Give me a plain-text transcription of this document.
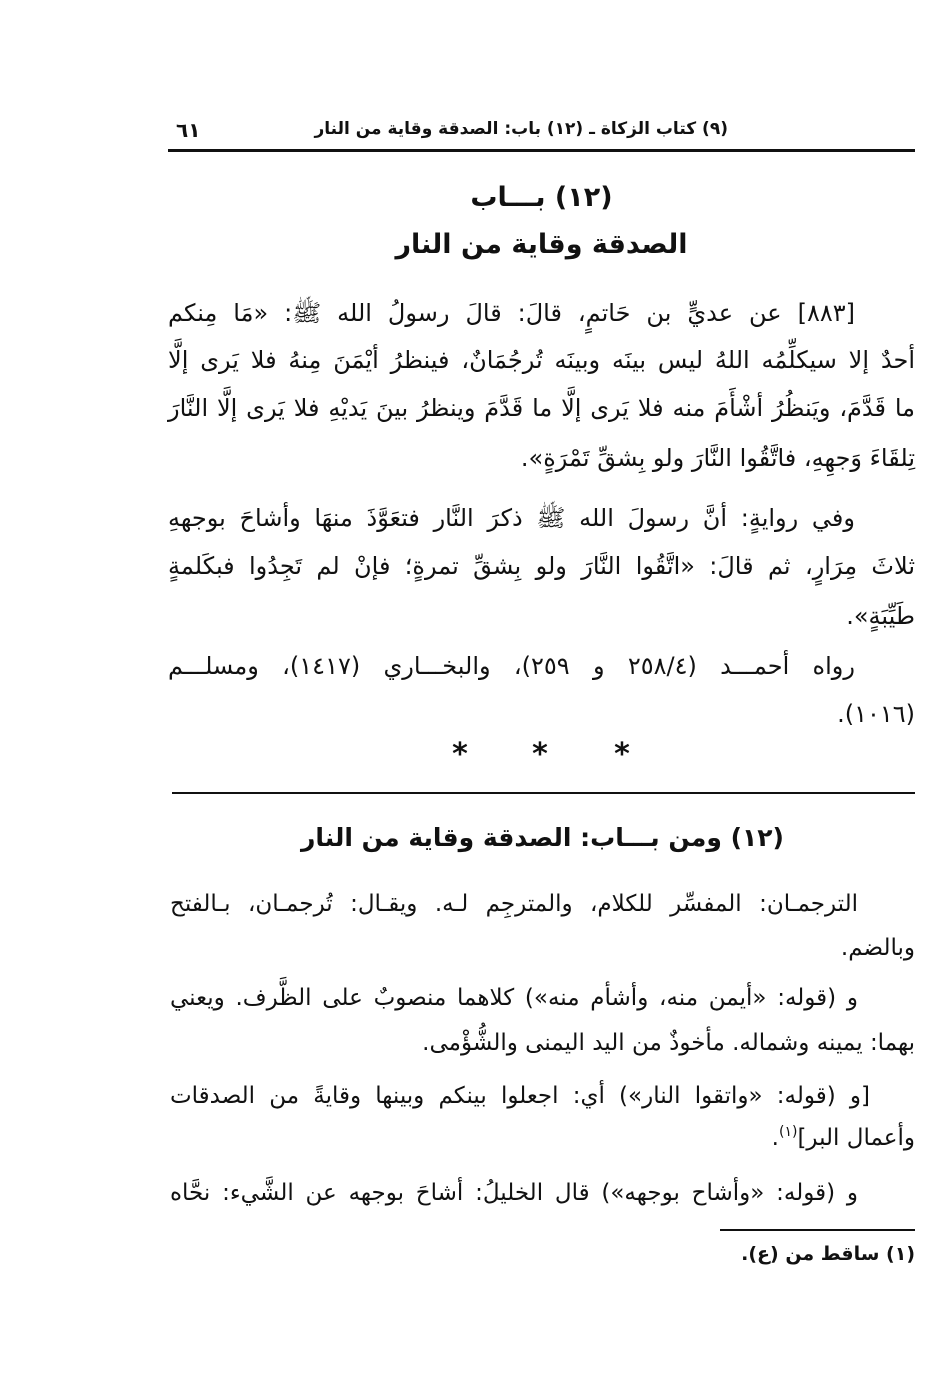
(٩) كتاب الزكاة ـ (١٢) باب: الصدقة وقاية من النار
٦١
(١٢) بـــاب
الصدقة وقاية من النار
[٨٨٣] عن عديٍّ بن حَاتمٍ، قالَ: قالَ رسولُ الله ﷺ: «مَا مِنكم
أحدٌ إلا سيكلِّمُه اللهُ ليس بينَه وبينَه تُرجُمَانٌ، فينظرُ أيْمَنَ مِنهُ فلا يَرى إلَّا
ما قَدَّمَ، ويَنظُرُ أشْأَمَ منه فلا يَرى إلَّا ما قَدَّمَ وينظرُ بينَ يَديْهِ فلا يَرى إلَّا النَّارَ
تِلقَاءَ وَجهِهِ، فاتَّقُوا النَّارَ ولو بِشقِّ تَمْرَةٍ».
وفي روايةٍ: أنَّ رسولَ الله ﷺ ذكرَ النَّار فتعَوَّذَ منهَا وأشاحَ بوجههِ
ثلاثَ مِرَارٍ، ثم قالَ: «اتَّقُوا النَّارَ ولو بِشقِّ تمرةٍ؛ فإنْ لم تَجِدُوا فبكَلمةٍ
طَيِّبَةٍ».
رواه أحمـــد (٢٥٨/٤ و ٢٥٩)، والبخـــاري (١٤١٧)، ومسلـــم
(١٠١٦).
* * *
(١٢) ومن بـــاب: الصدقة وقاية من النار
الترجمـان: المفسِّر للكلام، والمترجِم لـه. ويقـال: تُرجمـان، بـالفتح
وبالضم.
و (قوله: «أيمن منه، وأشأم منه») كلاهما منصوبٌ على الظَّرف. ويعني
بهما: يمينه وشماله. مأخوذٌ من اليد اليمنى والشُّؤْمى.
[و (قوله: «واتقوا النار») أي: اجعلوا بينكم وبينها وقايةً من الصدقات
وأعمال البر]$^{(١)}$.
و (قوله: «وأشاح بوجهه») قال الخليلُ: أشاحَ بوجهه عن الشَّيء: نحَّاه
(١) ساقط من (ع).
